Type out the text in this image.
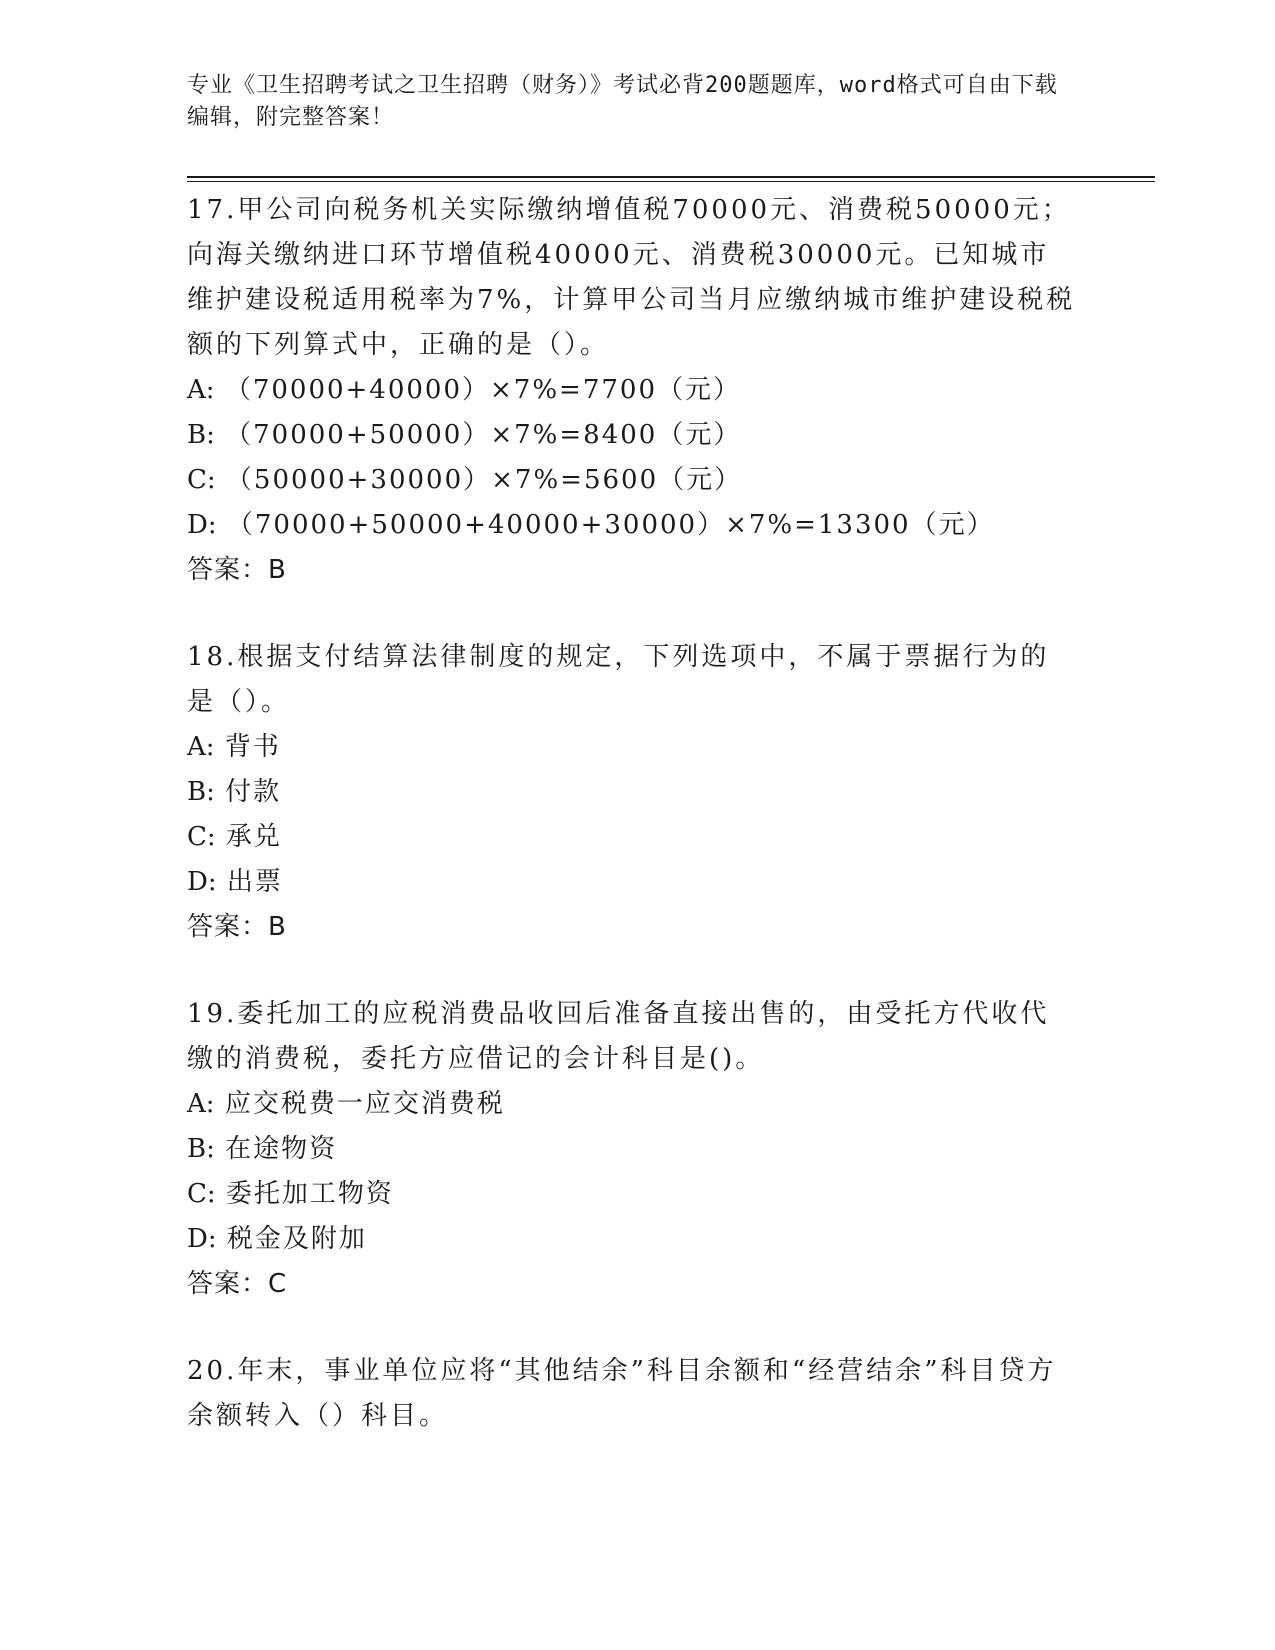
专业《卫生招聘考试之卫生招聘（财务）》考试必背200题题库，word格式可自由下载编辑，附完整答案！
17.甲公司向税务机关实际缴纳增值税70000元、消费税50000元；向海关缴纳进口环节增值税40000元、消费税30000元。已知城市维护建设税适用税率为7%，计算甲公司当月应缴纳城市维护建设税税额的下列算式中，正确的是（）。
A: （70000+40000）×7%=7700（元）
B: （70000+50000）×7%=8400（元）
C: （50000+30000）×7%=5600（元）
D: （70000+50000+40000+30000）×7%=13300（元）
答案：B
18.根据支付结算法律制度的规定，下列选项中，不属于票据行为的是（）。
A: 背书
B: 付款
C: 承兑
D: 出票
答案：B
19.委托加工的应税消费品收回后准备直接出售的，由受托方代收代缴的消费税，委托方应借记的会计科目是()。
A: 应交税费一应交消费税
B: 在途物资
C: 委托加工物资
D: 税金及附加
答案：C
20.年末，事业单位应将“其他结余”科目余额和“经营结余”科目贷方余额转入（）科目。
